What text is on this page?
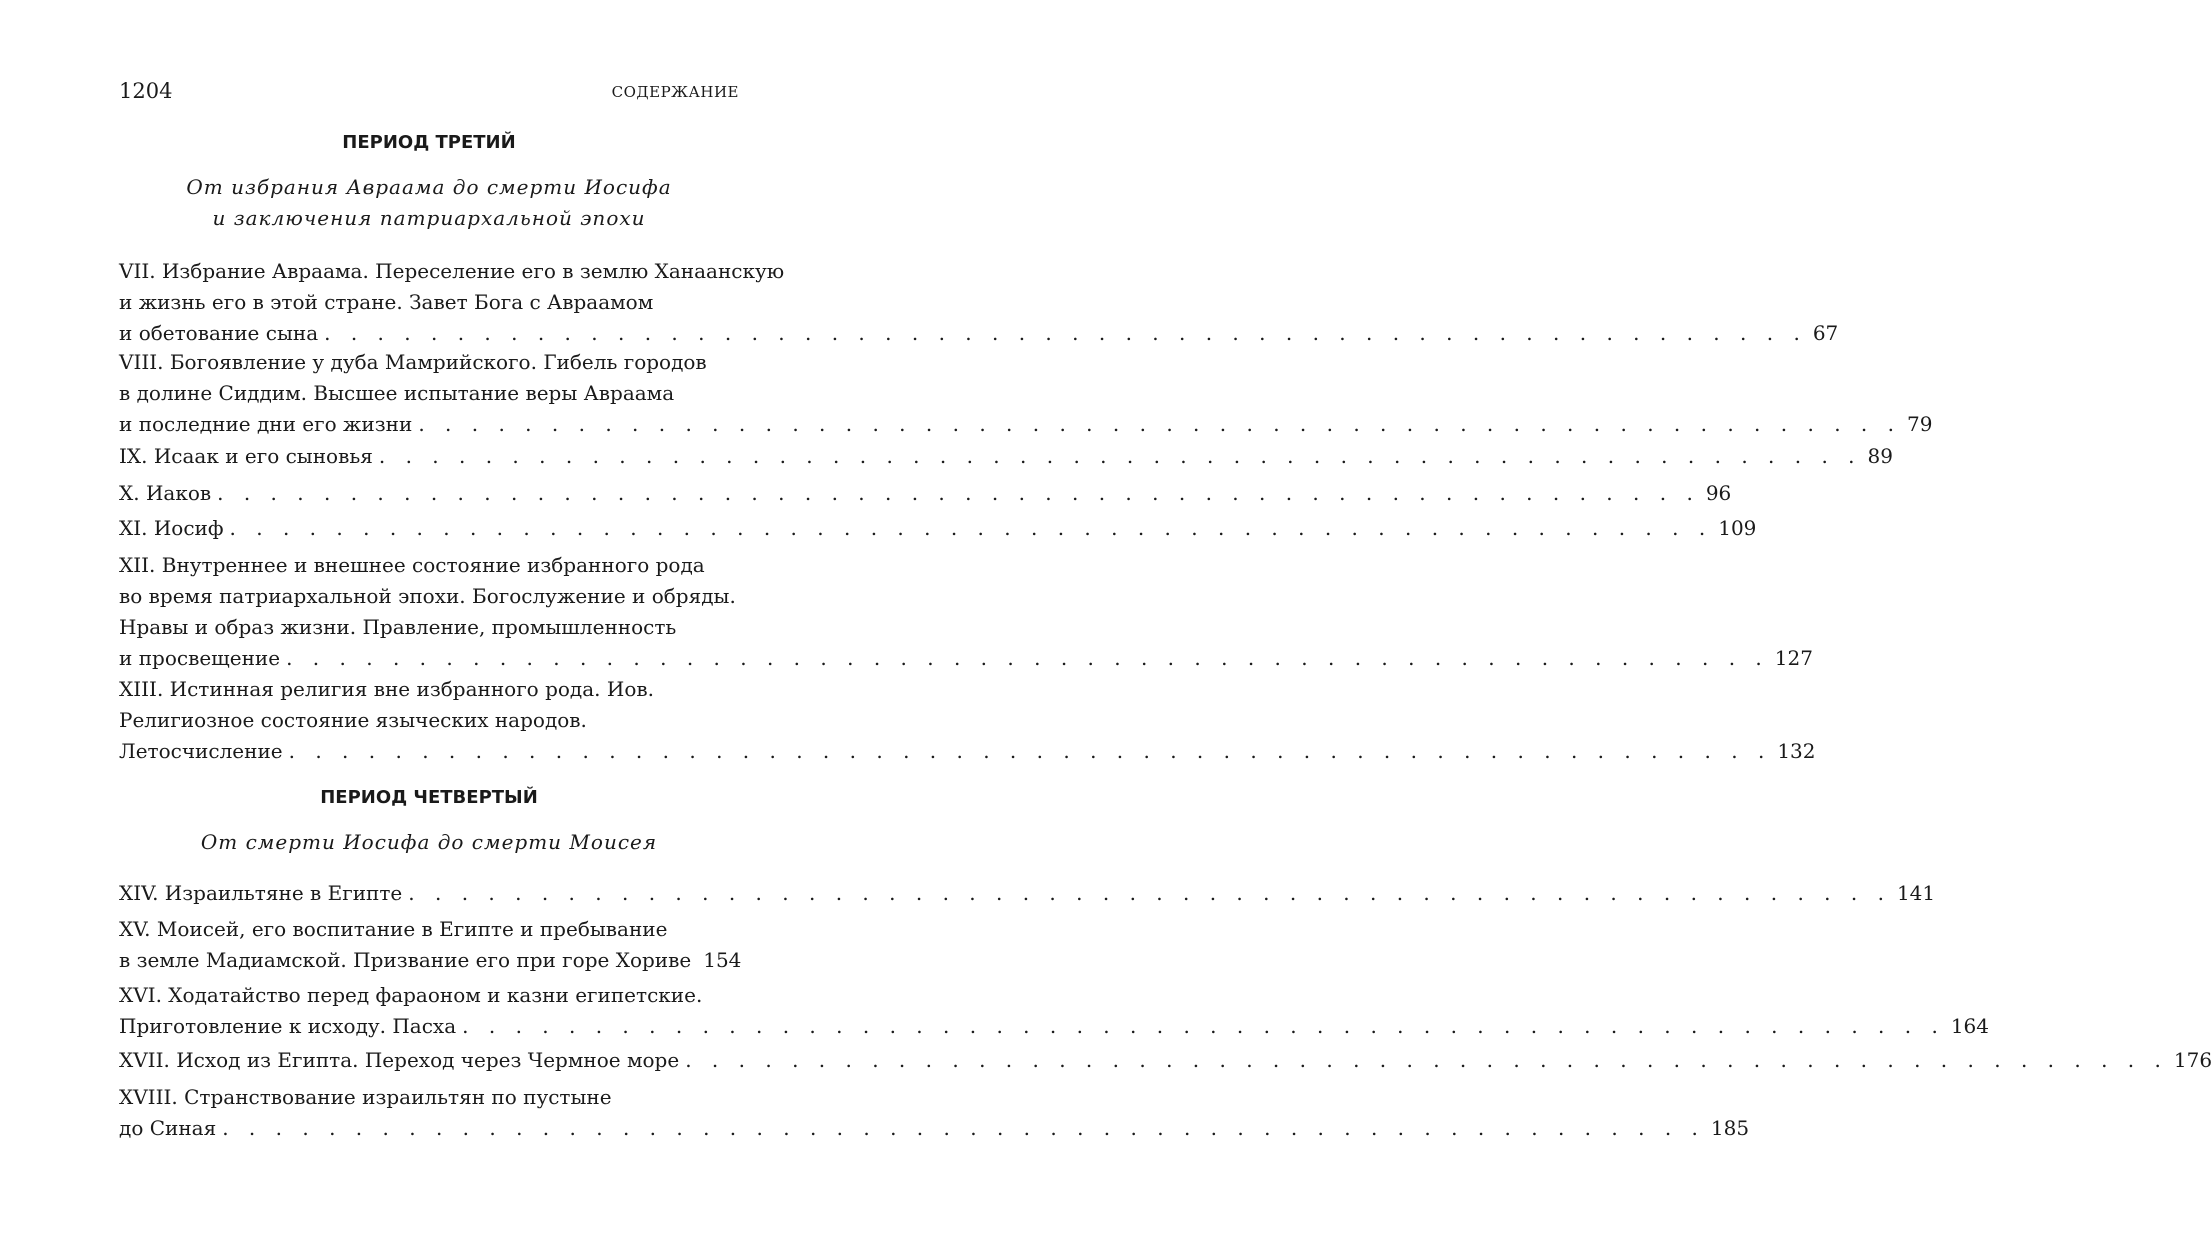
1204	СОДЕРЖАНИЕ
ПЕРИОД ТРЕТИЙ
От избрания Авраама до смерти Иосифа
и заключения патриархальной эпохи
VII. Избрание Авраама. Переселение его в землю Ханаанскую
и жизнь его в этой стране. Завет Бога с Авраамом
и обетование сына . . . . . . . . . . . . . . . . . . . . . . . . . . . . . . . . . . . . . . . . . . . . . . . . . . . . . . . . 67
VIII. Богоявление у дуба Мамрийского. Гибель городов
в долине Сиддим. Высшее испытание веры Авраама
и последние дни его жизни . . . . . . . . . . . . . . . . . . . . . . . . . . . . . . . . . . . . . . . . . . . . . . . . . . . . . . . . 79
IX. Исаак и его сыновья . . . . . . . . . . . . . . . . . . . . . . . . . . . . . . . . . . . . . . . . . . . . . . . . . . . . . . . . 89
X. Иаков . . . . . . . . . . . . . . . . . . . . . . . . . . . . . . . . . . . . . . . . . . . . . . . . . . . . . . . . 96
XI. Иосиф . . . . . . . . . . . . . . . . . . . . . . . . . . . . . . . . . . . . . . . . . . . . . . . . . . . . . . . . 109
XII. Внутреннее и внешнее состояние избранного рода
во время патриархальной эпохи. Богослужение и обряды.
Нравы и образ жизни. Правление, промышленность
и просвещение . . . . . . . . . . . . . . . . . . . . . . . . . . . . . . . . . . . . . . . . . . . . . . . . . . . . . . . . 127
XIII. Истинная религия вне избранного рода. Иов.
Религиозное состояние языческих народов.
Летосчисление . . . . . . . . . . . . . . . . . . . . . . . . . . . . . . . . . . . . . . . . . . . . . . . . . . . . . . . . 132
ПЕРИОД ЧЕТВЕРТЫЙ
От смерти Иосифа до смерти Моисея
XIV. Израильтяне в Египте . . . . . . . . . . . . . . . . . . . . . . . . . . . . . . . . . . . . . . . . . . . . . . . . . . . . . . . . 141
XV. Моисей, его воспитание в Египте и пребывание
в земле Мадиамской. Призвание его при горе Хориве 154
XVI. Ходатайство перед фараоном и казни египетские.
Приготовление к исходу. Пасха . . . . . . . . . . . . . . . . . . . . . . . . . . . . . . . . . . . . . . . . . . . . . . . . . . . . . . . . 164
XVII. Исход из Египта. Переход через Чермное море . . . . . . . . . . . . . . . . . . . . . . . . . . . . . . . . . . . . . . . . . . . . . . . . . . . . . . . . 176
XVIII. Странствование израильтян по пустыне
до Синая . . . . . . . . . . . . . . . . . . . . . . . . . . . . . . . . . . . . . . . . . . . . . . . . . . . . . . . . 185
